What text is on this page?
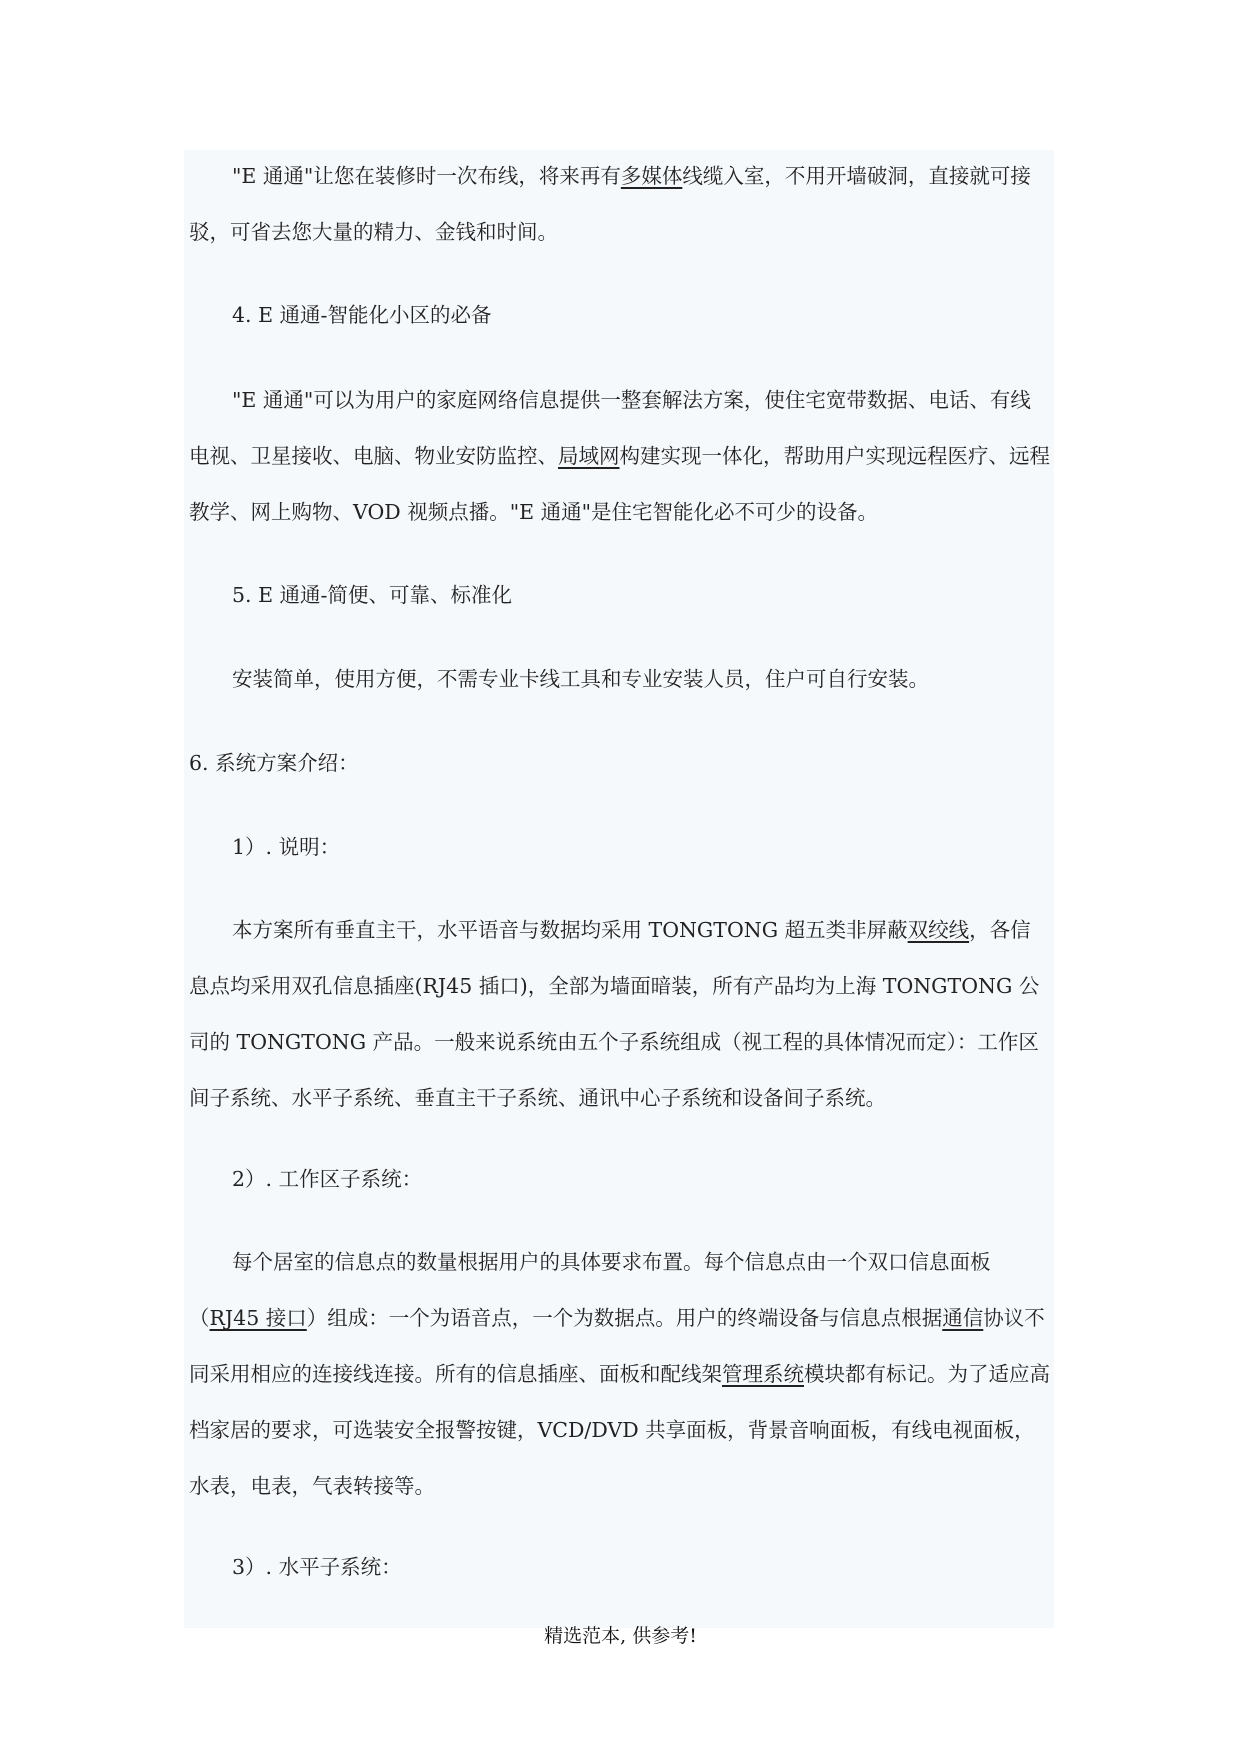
"E 通通"让您在装修时一次布线，将来再有多媒体线缆入室，不用开墙破洞，直接就可接驳，可省去您大量的精力、金钱和时间。

4. E 通通-智能化小区的必备

"E 通通"可以为用户的家庭网络信息提供一整套解法方案，使住宅宽带数据、电话、有线电视、卫星接收、电脑、物业安防监控、局域网构建实现一体化，帮助用户实现远程医疗、远程教学、网上购物、VOD 视频点播。"E 通通"是住宅智能化必不可少的设备。

5. E 通通-简便、可靠、标准化

安装简单，使用方便，不需专业卡线工具和专业安装人员，住户可自行安装。

6. 系统方案介绍：

1）. 说明：

本方案所有垂直主干，水平语音与数据均采用 TONGTONG 超五类非屏蔽双绞线，各信息点均采用双孔信息插座(RJ45 插口)，全部为墙面暗装，所有产品均为上海 TONGTONG 公司的 TONGTONG 产品。一般来说系统由五个子系统组成（视工程的具体情况而定）：工作区间子系统、水平子系统、垂直主干子系统、通讯中心子系统和设备间子系统。

2）. 工作区子系统：

每个居室的信息点的数量根据用户的具体要求布置。每个信息点由一个双口信息面板（RJ45 接口）组成：一个为语音点，一个为数据点。用户的终端设备与信息点根据通信协议不同采用相应的连接线连接。所有的信息插座、面板和配线架管理系统模块都有标记。为了适应高档家居的要求，可选装安全报警按键，VCD/DVD 共享面板，背景音响面板，有线电视面板，水表，电表，气表转接等。

3）. 水平子系统：

精选范本, 供参考!
